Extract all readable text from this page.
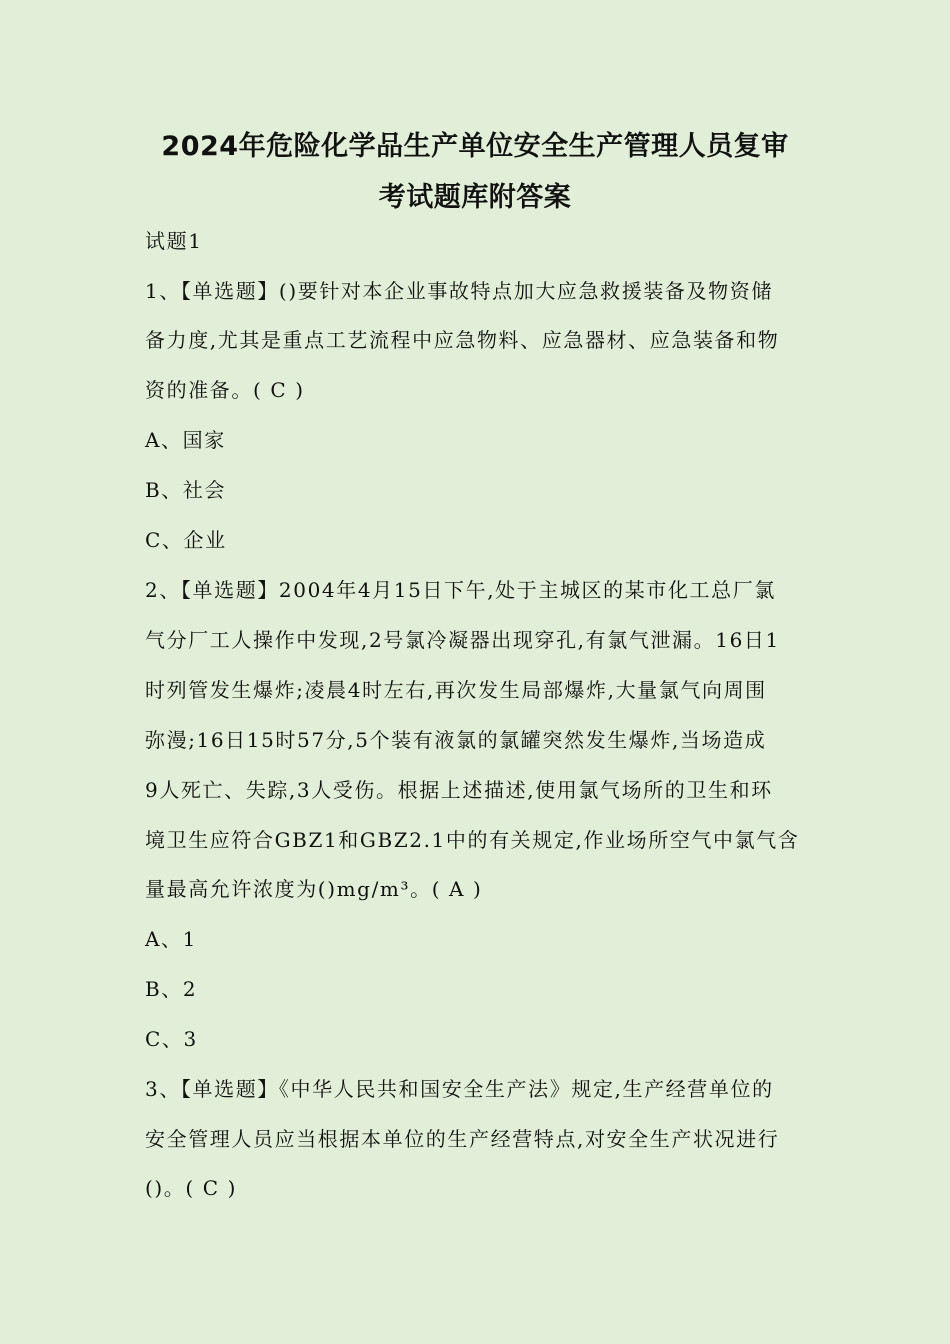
2024年危险化学品生产单位安全生产管理人员复审
考试题库附答案
试题1
1、【单选题】()要针对本企业事故特点加大应急救援装备及物资储
备力度,尤其是重点工艺流程中应急物料、应急器材、应急装备和物
资的准备。( C )
A、国家
B、社会
C、企业
2、【单选题】2004年4月15日下午,处于主城区的某市化工总厂氯
气分厂工人操作中发现,2号氯冷凝器出现穿孔,有氯气泄漏。16日1
时列管发生爆炸;凌晨4时左右,再次发生局部爆炸,大量氯气向周围
弥漫;16日15时57分,5个装有液氯的氯罐突然发生爆炸,当场造成
9人死亡、失踪,3人受伤。根据上述描述,使用氯气场所的卫生和环
境卫生应符合GBZ1和GBZ2.1中的有关规定,作业场所空气中氯气含
量最高允许浓度为()mg/m³。( A )
A、1
B、2
C、3
3、【单选题】《中华人民共和国安全生产法》规定,生产经营单位的
安全管理人员应当根据本单位的生产经营特点,对安全生产状况进行
()。( C )
